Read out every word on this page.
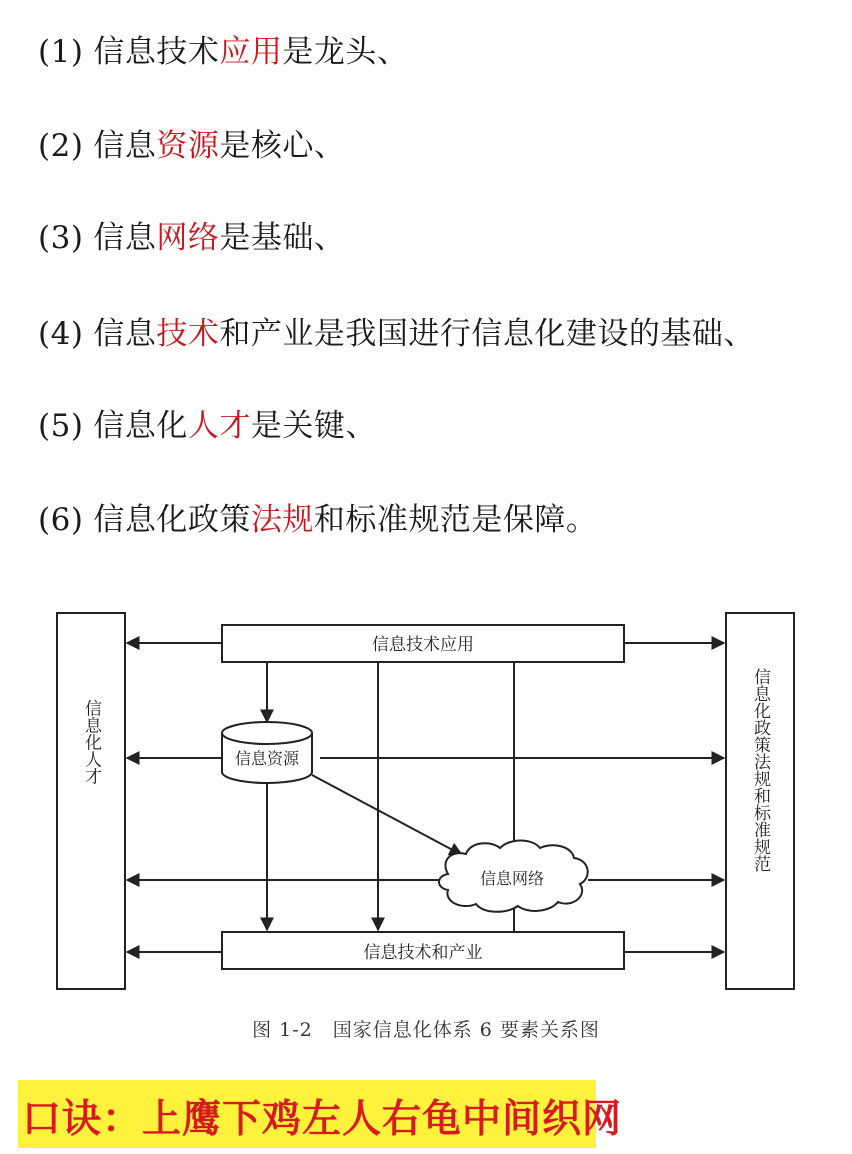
(1) 信息技术应用是龙头、
(2) 信息资源是核心、
(3) 信息网络是基础、
(4) 信息技术和产业是我国进行信息化建设的基础、
(5) 信息化人才是关键、
(6) 信息化政策法规和标准规范是保障。
信息技术应用
信息技术和产业
信息资源
信息网络
信息化人才	信息化政策法规和标准规范
图 1-2　国家信息化体系 6 要素关系图
口诀：上鹰下鸡左人右龟中间织网
